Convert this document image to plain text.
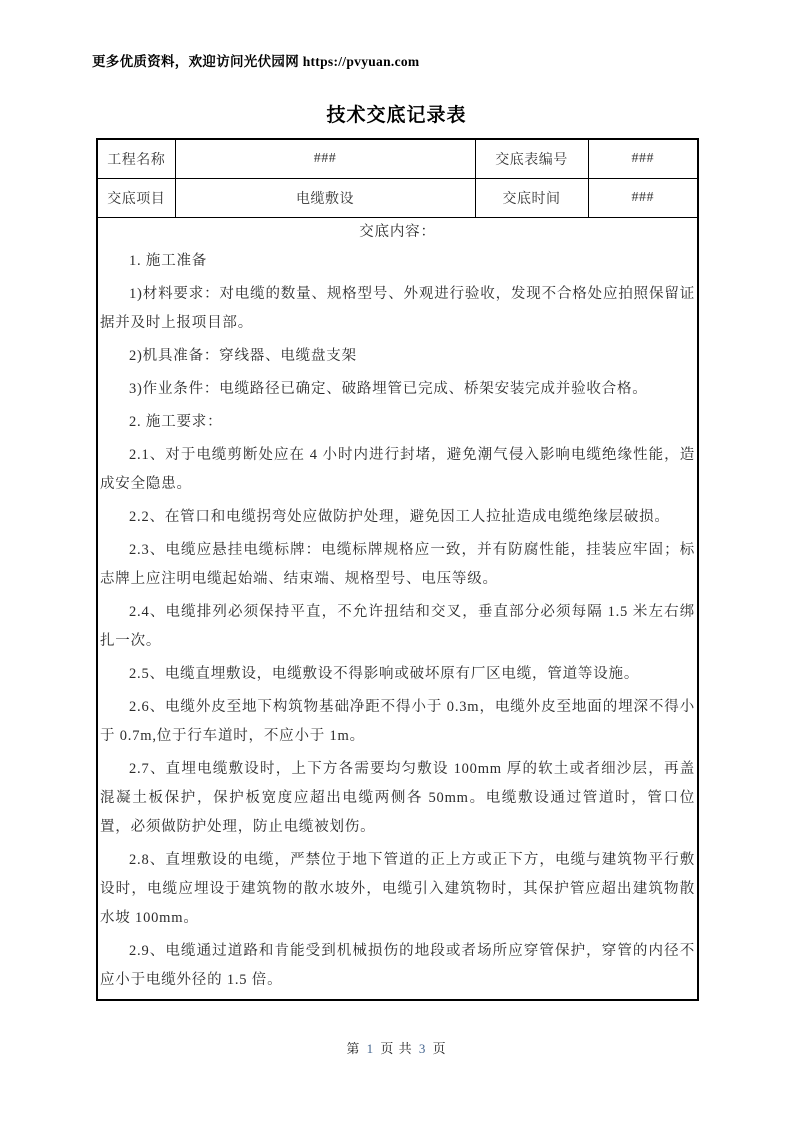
更多优质资料，欢迎访问光伏园网 https://pvyuan.com
技术交底记录表
工程名称	###	交底表编号	###
交底项目	电缆敷设	交底时间	###

交底内容：

1. 施工准备

1)材料要求：对电缆的数量、规格型号、外观进行验收，发现不合格处应拍照保留证据并及时上报项目部。

2)机具准备：穿线器、电缆盘支架

3)作业条件：电缆路径已确定、破路埋管已完成、桥架安装完成并验收合格。

2. 施工要求：

2.1、对于电缆剪断处应在 4 小时内进行封堵，避免潮气侵入影响电缆绝缘性能，造成安全隐患。

2.2、在管口和电缆拐弯处应做防护处理，避免因工人拉扯造成电缆绝缘层破损。

2.3、电缆应悬挂电缆标牌：电缆标牌规格应一致，并有防腐性能，挂装应牢固；标志牌上应注明电缆起始端、结束端、规格型号、电压等级。

2.4、电缆排列必须保持平直，不允许扭结和交叉，垂直部分必须每隔 1.5 米左右绑扎一次。

2.5、电缆直埋敷设，电缆敷设不得影响或破坏原有厂区电缆，管道等设施。

2.6、电缆外皮至地下构筑物基础净距不得小于 0.3m，电缆外皮至地面的埋深不得小于 0.7m,位于行车道时，不应小于 1m。

2.7、直埋电缆敷设时，上下方各需要均匀敷设 100mm 厚的软土或者细沙层，再盖混凝土板保护，保护板宽度应超出电缆两侧各 50mm。电缆敷设通过管道时，管口位置，必须做防护处理，防止电缆被划伤。

2.8、直埋敷设的电缆，严禁位于地下管道的正上方或正下方，电缆与建筑物平行敷设时，电缆应埋设于建筑物的散水坡外，电缆引入建筑物时，其保护管应超出建筑物散水坡 100mm。

2.9、电缆通过道路和肯能受到机械损伤的地段或者场所应穿管保护，穿管的内径不应小于电缆外径的 1.5 倍。

第 1 页 共 3 页
